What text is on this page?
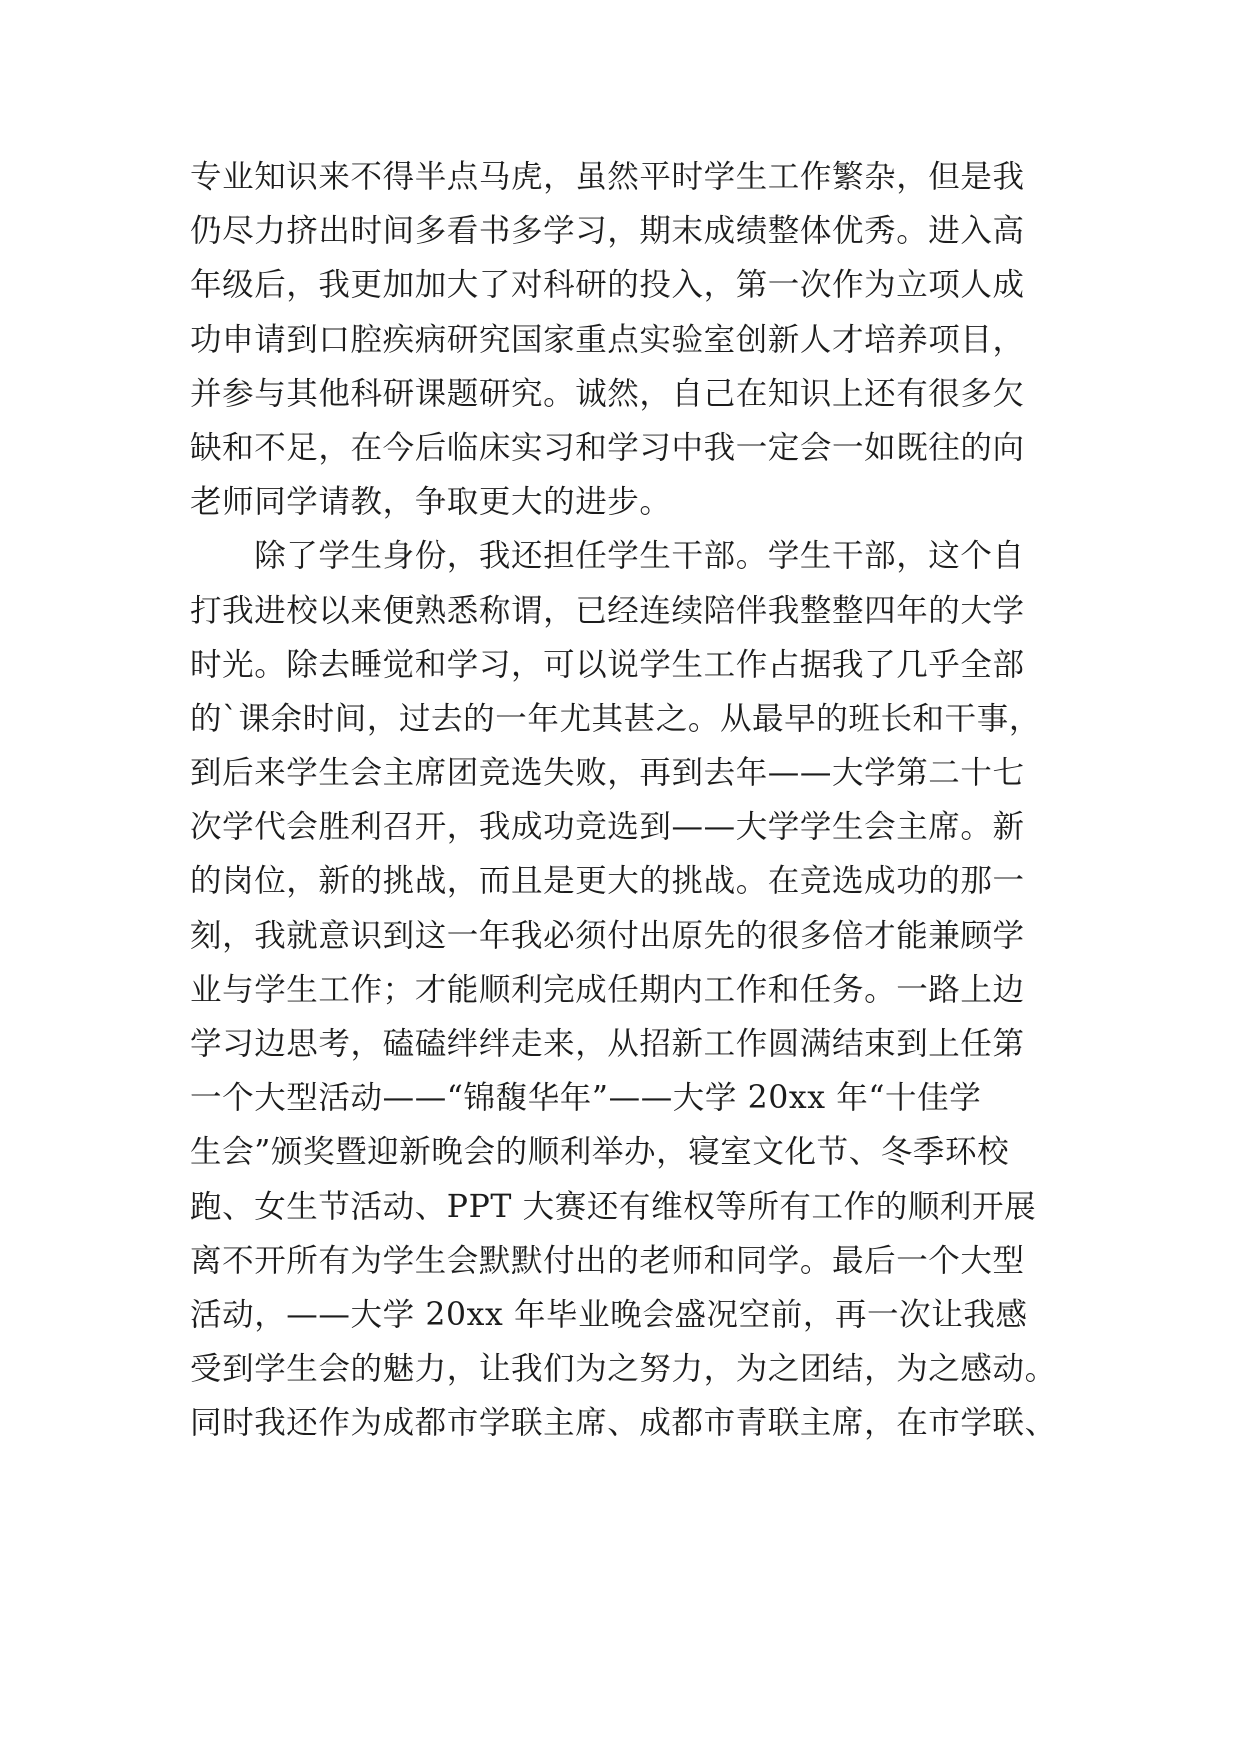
专业知识来不得半点马虎，虽然平时学生工作繁杂，但是我
仍尽力挤出时间多看书多学习，期末成绩整体优秀。进入高
年级后，我更加加大了对科研的投入，第一次作为立项人成
功申请到口腔疾病研究国家重点实验室创新人才培养项目，
并参与其他科研课题研究。诚然，自己在知识上还有很多欠
缺和不足，在今后临床实习和学习中我一定会一如既往的向
老师同学请教，争取更大的进步。
　　除了学生身份，我还担任学生干部。学生干部，这个自
打我进校以来便熟悉称谓，已经连续陪伴我整整四年的大学
时光。除去睡觉和学习，可以说学生工作占据我了几乎全部
的`课余时间，过去的一年尤其甚之。从最早的班长和干事，
到后来学生会主席团竞选失败，再到去年——大学第二十七
次学代会胜利召开，我成功竞选到——大学学生会主席。新
的岗位，新的挑战，而且是更大的挑战。在竞选成功的那一
刻，我就意识到这一年我必须付出原先的很多倍才能兼顾学
业与学生工作；才能顺利完成任期内工作和任务。一路上边
学习边思考，磕磕绊绊走来，从招新工作圆满结束到上任第
一个大型活动——“锦馥华年”——大学 20xx 年“十佳学
生会”颁奖暨迎新晚会的顺利举办，寝室文化节、冬季环校
跑、女生节活动、PPT 大赛还有维权等所有工作的顺利开展
离不开所有为学生会默默付出的老师和同学。最后一个大型
活动，——大学 20xx 年毕业晚会盛况空前，再一次让我感
受到学生会的魅力，让我们为之努力，为之团结，为之感动。
同时我还作为成都市学联主席、成都市青联主席，在市学联、
